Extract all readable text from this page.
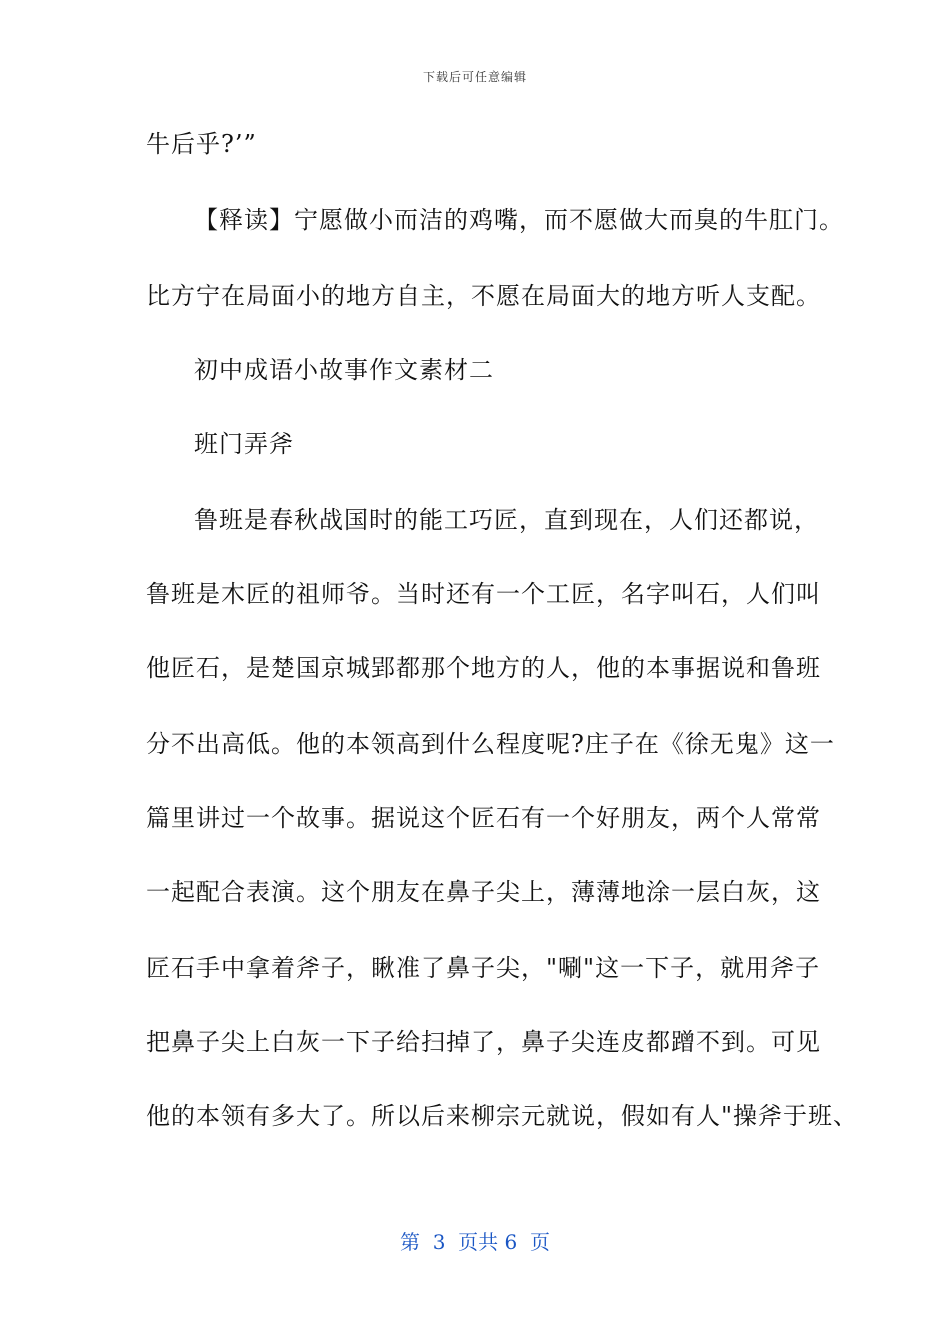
下载后可任意编辑
牛后乎?’”
【释读】宁愿做小而洁的鸡嘴，而不愿做大而臭的牛肛门。
比方宁在局面小的地方自主，不愿在局面大的地方听人支配。
初中成语小故事作文素材二
班门弄斧
鲁班是春秋战国时的能工巧匠，直到现在，人们还都说，
鲁班是木匠的祖师爷。当时还有一个工匠，名字叫石，人们叫
他匠石，是楚国京城郢都那个地方的人，他的本事据说和鲁班
分不出高低。他的本领高到什么程度呢?庄子在《徐无鬼》这一
篇里讲过一个故事。据说这个匠石有一个好朋友，两个人常常
一起配合表演。这个朋友在鼻子尖上，薄薄地涂一层白灰，这
匠石手中拿着斧子，瞅准了鼻子尖，"唰"这一下子，就用斧子
把鼻子尖上白灰一下子给扫掉了，鼻子尖连皮都蹭不到。可见
他的本领有多大了。所以后来柳宗元就说，假如有人"操斧于班、
第  3  页共 6  页
